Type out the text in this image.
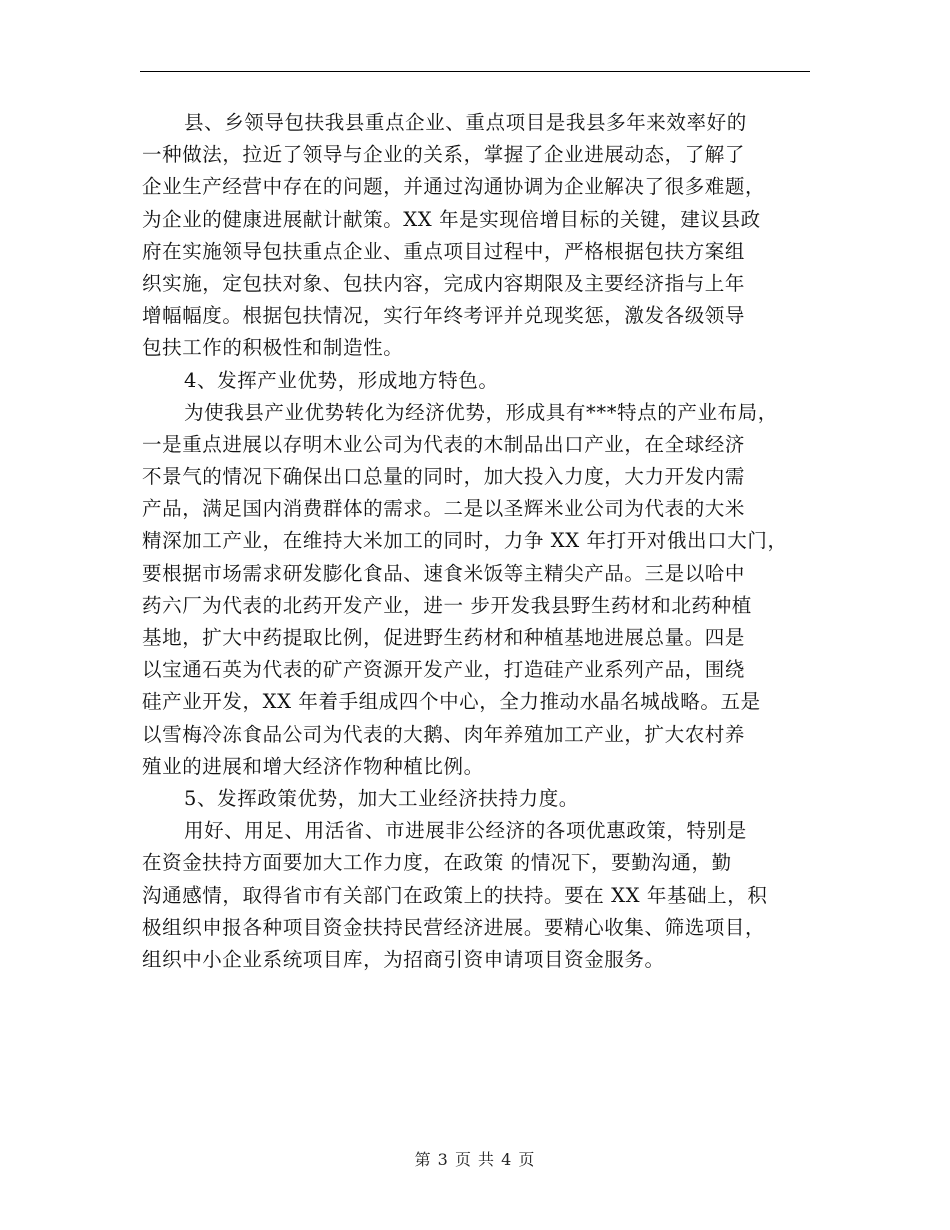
县、乡领导包扶我县重点企业、重点项目是我县多年来效率好的
一种做法，拉近了领导与企业的关系，掌握了企业进展动态，了解了
企业生产经营中存在的问题，并通过沟通协调为企业解决了很多难题，
为企业的健康进展献计献策。XX 年是实现倍增目标的关键，建议县政
府在实施领导包扶重点企业、重点项目过程中，严格根据包扶方案组
织实施，定包扶对象、包扶内容，完成内容期限及主要经济指与上年
增幅幅度。根据包扶情况，实行年终考评并兑现奖惩，激发各级领导
包扶工作的积极性和制造性。
4、发挥产业优势，形成地方特色。
为使我县产业优势转化为经济优势，形成具有***特点的产业布局，
一是重点进展以存明木业公司为代表的木制品出口产业，在全球经济
不景气的情况下确保出口总量的同时，加大投入力度，大力开发内需
产品，满足国内消费群体的需求。二是以圣辉米业公司为代表的大米
精深加工产业，在维持大米加工的同时，力争 XX 年打开对俄出口大门，
要根据市场需求研发膨化食品、速食米饭等主精尖产品。三是以哈中
药六厂为代表的北药开发产业，进一 步开发我县野生药材和北药种植
基地，扩大中药提取比例，促进野生药材和种植基地进展总量。四是
以宝通石英为代表的矿产资源开发产业，打造硅产业系列产品，围绕
硅产业开发，XX 年着手组成四个中心，全力推动水晶名城战略。五是
以雪梅冷冻食品公司为代表的大鹅、肉年养殖加工产业，扩大农村养
殖业的进展和增大经济作物种植比例。
5、发挥政策优势，加大工业经济扶持力度。
用好、用足、用活省、市进展非公经济的各项优惠政策，特别是
在资金扶持方面要加大工作力度，在政策 的情况下，要勤沟通，勤
沟通感情，取得省市有关部门在政策上的扶持。要在 XX 年基础上，积
极组织申报各种项目资金扶持民营经济进展。要精心收集、筛选项目，
组织中小企业系统项目库，为招商引资申请项目资金服务。
第 3 页 共 4 页
